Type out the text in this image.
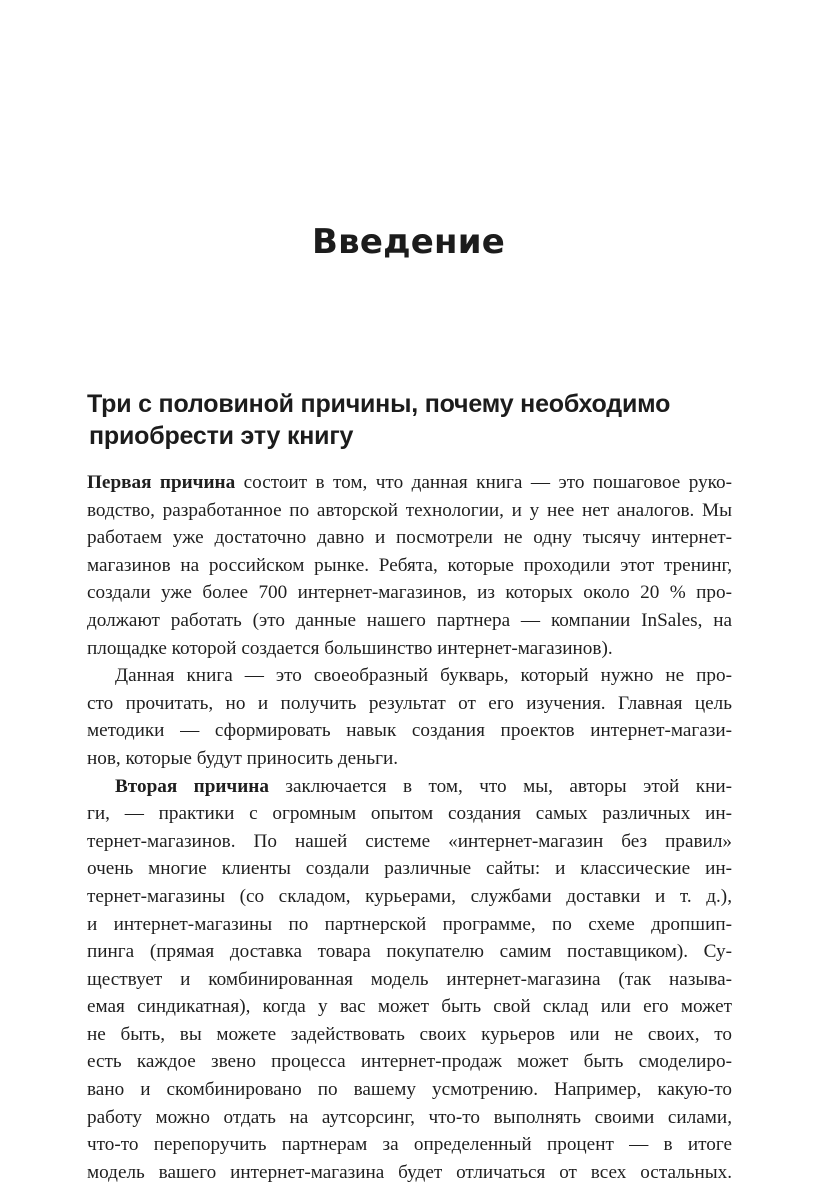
Введение
Три с половиной причины, почему необходимо
приобрести эту книгу
Первая причина состоит в том, что данная книга — это пошаговое руко-
водство, разработанное по авторской технологии, и у нее нет аналогов. Мы
работаем уже достаточно давно и посмотрели не одну тысячу интернет-
магазинов на российском рынке. Ребята, которые проходили этот тренинг,
создали уже более 700 интернет-магазинов, из которых около 20 % про-
должают работать (это данные нашего партнера — компании InSales, на
площадке которой создается большинство интернет-магазинов).
Данная книга — это своеобразный букварь, который нужно не про-
сто прочитать, но и получить результат от его изучения. Главная цель
методики — сформировать навык создания проектов интернет-магази-
нов, которые будут приносить деньги.
Вторая причина заключается в том, что мы, авторы этой кни-
ги, — практики с огромным опытом создания самых различных ин-
тернет-магазинов. По нашей системе «интернет-магазин без правил»
очень многие клиенты создали различные сайты: и классические ин-
тернет-магазины (со складом, курьерами, службами доставки и т. д.),
и интернет-магазины по партнерской программе, по схеме дропшип-
пинга (прямая доставка товара покупателю самим поставщиком). Су-
ществует и комбинированная модель интернет-магазина (так называ-
емая синдикатная), когда у вас может быть свой склад или его может
не быть, вы можете задействовать своих курьеров или не своих, то
есть каждое звено процесса интернет-продаж может быть смоделиро-
вано и скомбинировано по вашему усмотрению. Например, какую-то
работу можно отдать на аутсорсинг, что-то выполнять своими силами,
что-то перепоручить партнерам за определенный процент — в итоге
модель вашего интернет-магазина будет отличаться от всех остальных.
